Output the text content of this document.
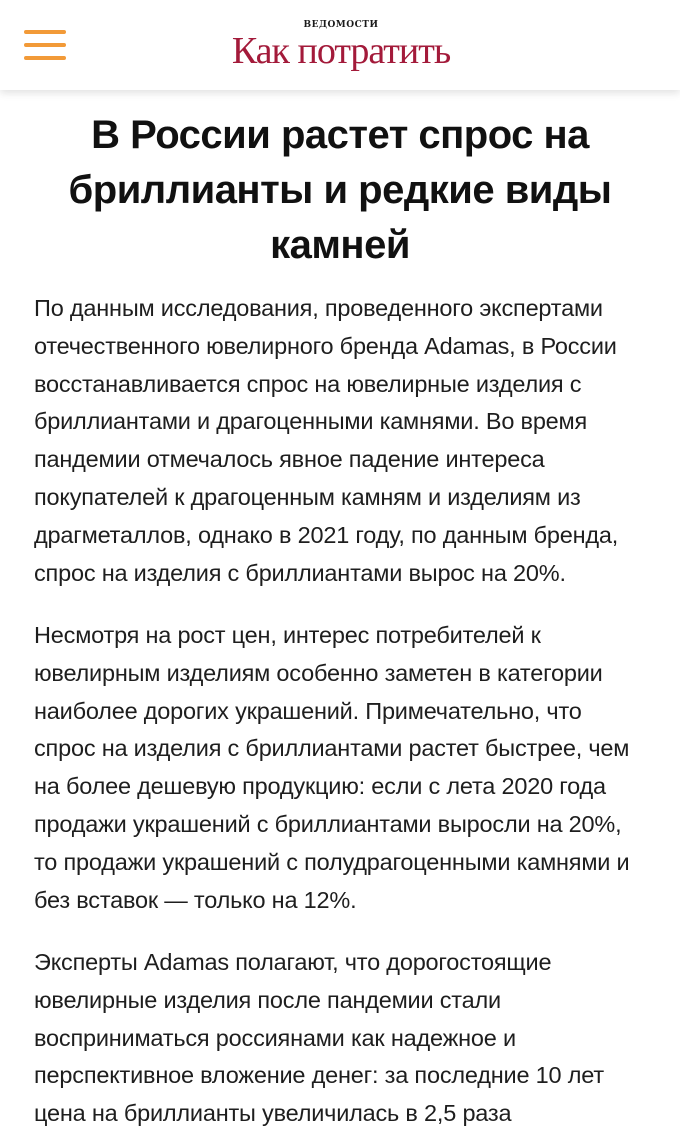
ВЕДОМОСТИ
Как потратить
В России растет спрос на бриллианты и редкие виды камней

По данным исследования, проведенного экспертами отечественного ювелирного бренда Adamas, в России восстанавливается спрос на ювелирные изделия с бриллиантами и драгоценными камнями. Во время пандемии отмечалось явное падение интереса покупателей к драгоценным камням и изделиям из драгметаллов, однако в 2021 году, по данным бренда, спрос на изделия с бриллиантами вырос на 20%.

Несмотря на рост цен, интерес потребителей к ювелирным изделиям особенно заметен в категории наиболее дорогих украшений. Примечательно, что спрос на изделия с бриллиантами растет быстрее, чем на более дешевую продукцию: если с лета 2020 года продажи украшений с бриллиантами выросли на 20%, то продажи украшений с полудрагоценными камнями и без вставок — только на 12%.

Эксперты Adamas полагают, что дорогостоящие ювелирные изделия после пандемии стали восприниматься россиянами как надежное и перспективное вложение денег: за последние 10 лет цена на бриллианты увеличилась в 2,5 раза
